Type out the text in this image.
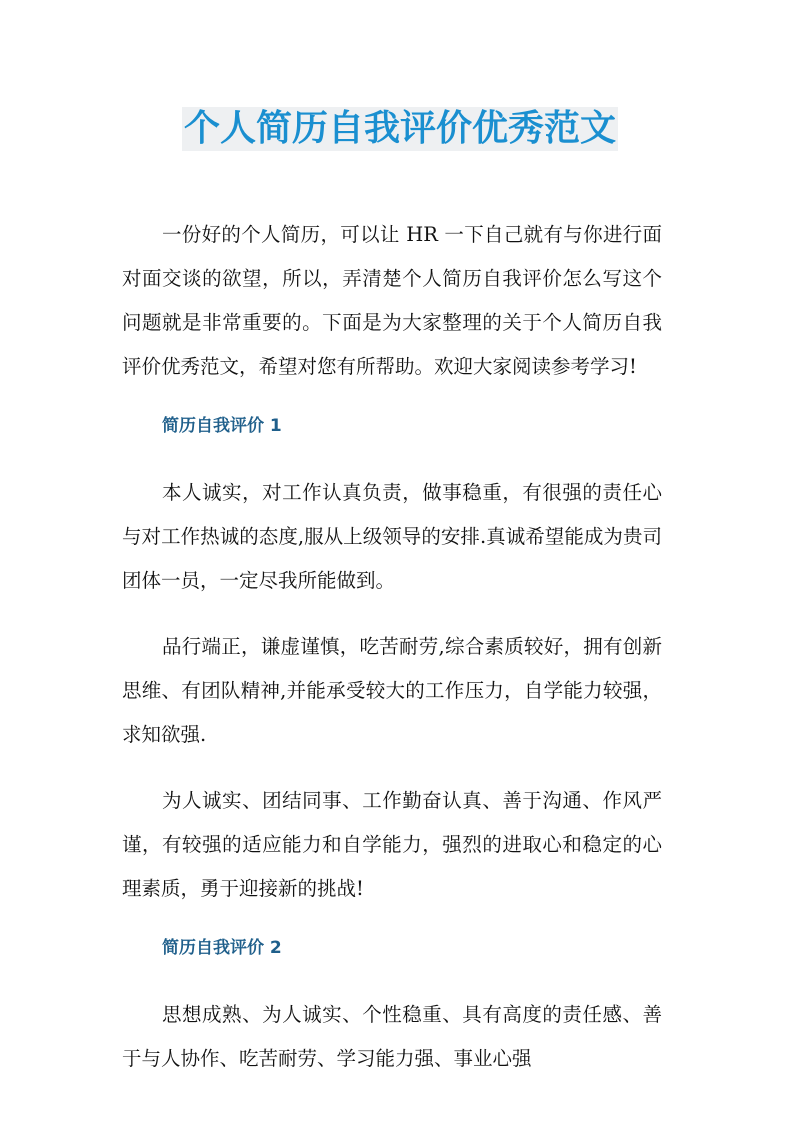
个人简历自我评价优秀范文

一份好的个人简历，可以让 HR 一下自己就有与你进行面对面交谈的欲望，所以，弄清楚个人简历自我评价怎么写这个问题就是非常重要的。下面是为大家整理的关于个人简历自我评价优秀范文，希望对您有所帮助。欢迎大家阅读参考学习!

简历自我评价 1

本人诚实，对工作认真负责，做事稳重，有很强的责任心与对工作热诚的态度,服从上级领导的安排.真诚希望能成为贵司团体一员，一定尽我所能做到。

品行端正，谦虚谨慎，吃苦耐劳,综合素质较好，拥有创新思维、有团队精神,并能承受较大的工作压力，自学能力较强，求知欲强.

为人诚实、团结同事、工作勤奋认真、善于沟通、作风严谨，有较强的适应能力和自学能力，强烈的进取心和稳定的心理素质，勇于迎接新的挑战!

简历自我评价 2

思想成熟、为人诚实、个性稳重、具有高度的责任感、善于与人协作、吃苦耐劳、学习能力强、事业心强
